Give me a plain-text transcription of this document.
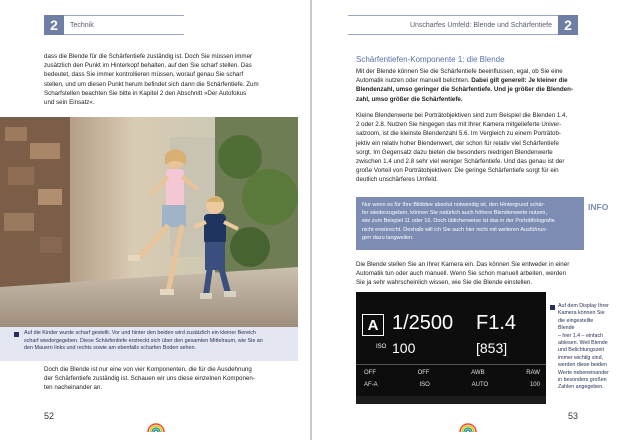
2	Technik
dass die Blende für die Schärfentiefe zuständig ist. Doch Sie müssen immer
zusätzlich den Punkt im Hinterkopf behalten, auf den Sie scharf stellen. Das
bedeutet, dass Sie immer kontrollieren müssen, worauf genau Sie scharf
stellen, und um diesen Punkt herum befindet sich dann die Schärfentiefe. Zum
Scharfstellen beachten Sie bitte in Kapitel 2 den Abschnitt »Der Autofokus
und sein Einsatz«.
Auf die Kinder wurde scharf gestellt. Vor und hinter den beiden wird zusätzlich ein kleiner Bereich
scharf wiedergegeben. Diese Schärfentiefe erstreckt sich über den gesamten Mittelraum, wie Sie an
den Mauern links und rechts sowie am ebenfalls scharfen Boden sehen.
Doch die Blende ist nur eine von vier Komponenten, die für die Ausdehnung
der Schärfentiefe zuständig ist. Schauen wir uns diese einzelnen Komponen-
ten nacheinander an.
52
2
Unscharfes Umfeld: Blende und Schärfentiefe
Schärfentiefen-Komponente 1: die Blende
Mit der Blende können Sie die Schärfentiefe beeinflussen, egal, ob Sie eine
Automatik nutzen oder manuell belichten. Dabei gilt generell: Je kleiner die
Blendenzahl, umso geringer die Schärfentiefe. Und je größer die Blenden-
zahl, umso größer die Schärfentiefe.
Kleine Blendenwerte bei Porträtobjektiven sind zum Beispiel die Blenden 1.4,
2 oder 2.8. Nutzen Sie hingegen das mit Ihrer Kamera mitgelieferte Univer-
salzoom, ist die kleinste Blendenzahl 5.6. Im Vergleich zu einem Porträtob-
jektiv ein relativ hoher Blendenwert, der schon für relativ viel Schärfentiefe
sorgt. Im Gegensatz dazu bieten die besonders niedrigen Blendenwerte
zwischen 1.4 und 2.8 sehr viel weniger Schärfentiefe. Und das genau ist der
große Vorteil von Porträtobjektiven: Die geringe Schärfentiefe sorgt für ein
deutlich unschärferes Umfeld.
Nur wenn es für Ihre Bildidee absolut notwendig ist, den Hintergrund schär-
fer wiederzugeben, können Sie natürlich auch höhere Blendenwerte nutzen,
wie zum Beispiel 11 oder 16. Doch üblicherweise ist das in der Porträtfotografie
nicht erwünscht. Deshalb will ich Sie auch hier nicht mit weiteren Ausführun-
gen dazu langweilen.
INFO
Die Blende stellen Sie an Ihrer Kamera ein. Das können Sie entweder in einer
Automatik tun oder auch manuell. Wenn Sie schon manuell arbeiten, werden
Sie ja sehr wahrscheinlich wissen, wie Sie die Blende einstellen.
A 1/2500 F1.4
ISO 100	[853]
OFF	OFF	AWB	RAW
AF-A	ISO	AUTO	100
Auf dem Display Ihrer
Kamera können Sie
die eingestellte Blende
– hier 1.4 – einfach
ablesen. Weil Blende
und Belichtungszeit
immer wichtig sind,
werden diese beiden
Werte nebeneinander
in besonders großen
Zahlen angegeben.
53
